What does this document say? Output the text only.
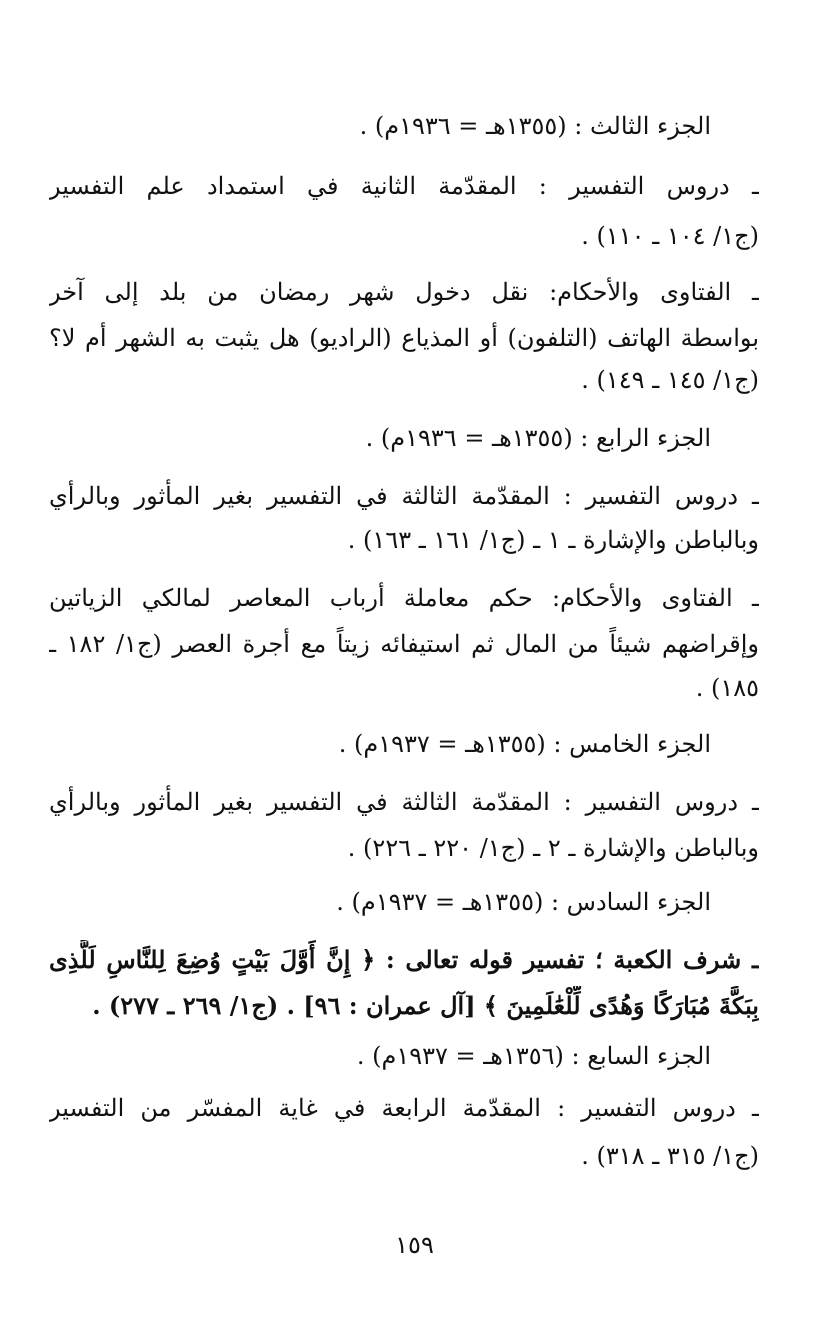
الجزء الثالث : (١٣٥٥هـ = ١٩٣٦م) .
ـ دروس التفسير : المقدّمة الثانية في استمداد علم التفسير
(ج١/ ١٠٤ ـ ١١٠) .
ـ الفتاوى والأحكام: نقل دخول شهر رمضان من بلد إلى آخر
بواسطة الهاتف (التلفون) أو المذياع (الراديو) هل يثبت به الشهر أم لا؟
(ج١/ ١٤٥ ـ ١٤٩) .
الجزء الرابع : (١٣٥٥هـ = ١٩٣٦م) .
ـ دروس التفسير : المقدّمة الثالثة في التفسير بغير المأثور وبالرأي
وبالباطن والإشارة ـ ١ ـ (ج١/ ١٦١ ـ ١٦٣) .
ـ الفتاوى والأحكام: حكم معاملة أرباب المعاصر لمالكي الزياتين
وإقراضهم شيئاً من المال ثم استيفائه زيتاً مع أجرة العصر (ج١/ ١٨٢ ـ
١٨٥) .
الجزء الخامس : (١٣٥٥هـ = ١٩٣٧م) .
ـ دروس التفسير : المقدّمة الثالثة في التفسير بغير المأثور وبالرأي
وبالباطن والإشارة ـ ٢ ـ (ج١/ ٢٢٠ ـ ٢٢٦) .
الجزء السادس : (١٣٥٥هـ = ١٩٣٧م) .
ـ شرف الكعبة ؛ تفسير قوله تعالى : ﴿ إِنَّ أَوَّلَ بَيْتٍ وُضِعَ لِلنَّاسِ لَلَّذِى
بِبَكَّةَ مُبَارَكًا وَهُدًى لِّلْعَٰلَمِينَ ﴾ [آل عمران : ٩٦] . (ج١/ ٢٦٩ ـ ٢٧٧) .
الجزء السابع : (١٣٥٦هـ = ١٩٣٧م) .
ـ دروس التفسير : المقدّمة الرابعة في غاية المفسّر من التفسير
(ج١/ ٣١٥ ـ ٣١٨) .
١٥٩
